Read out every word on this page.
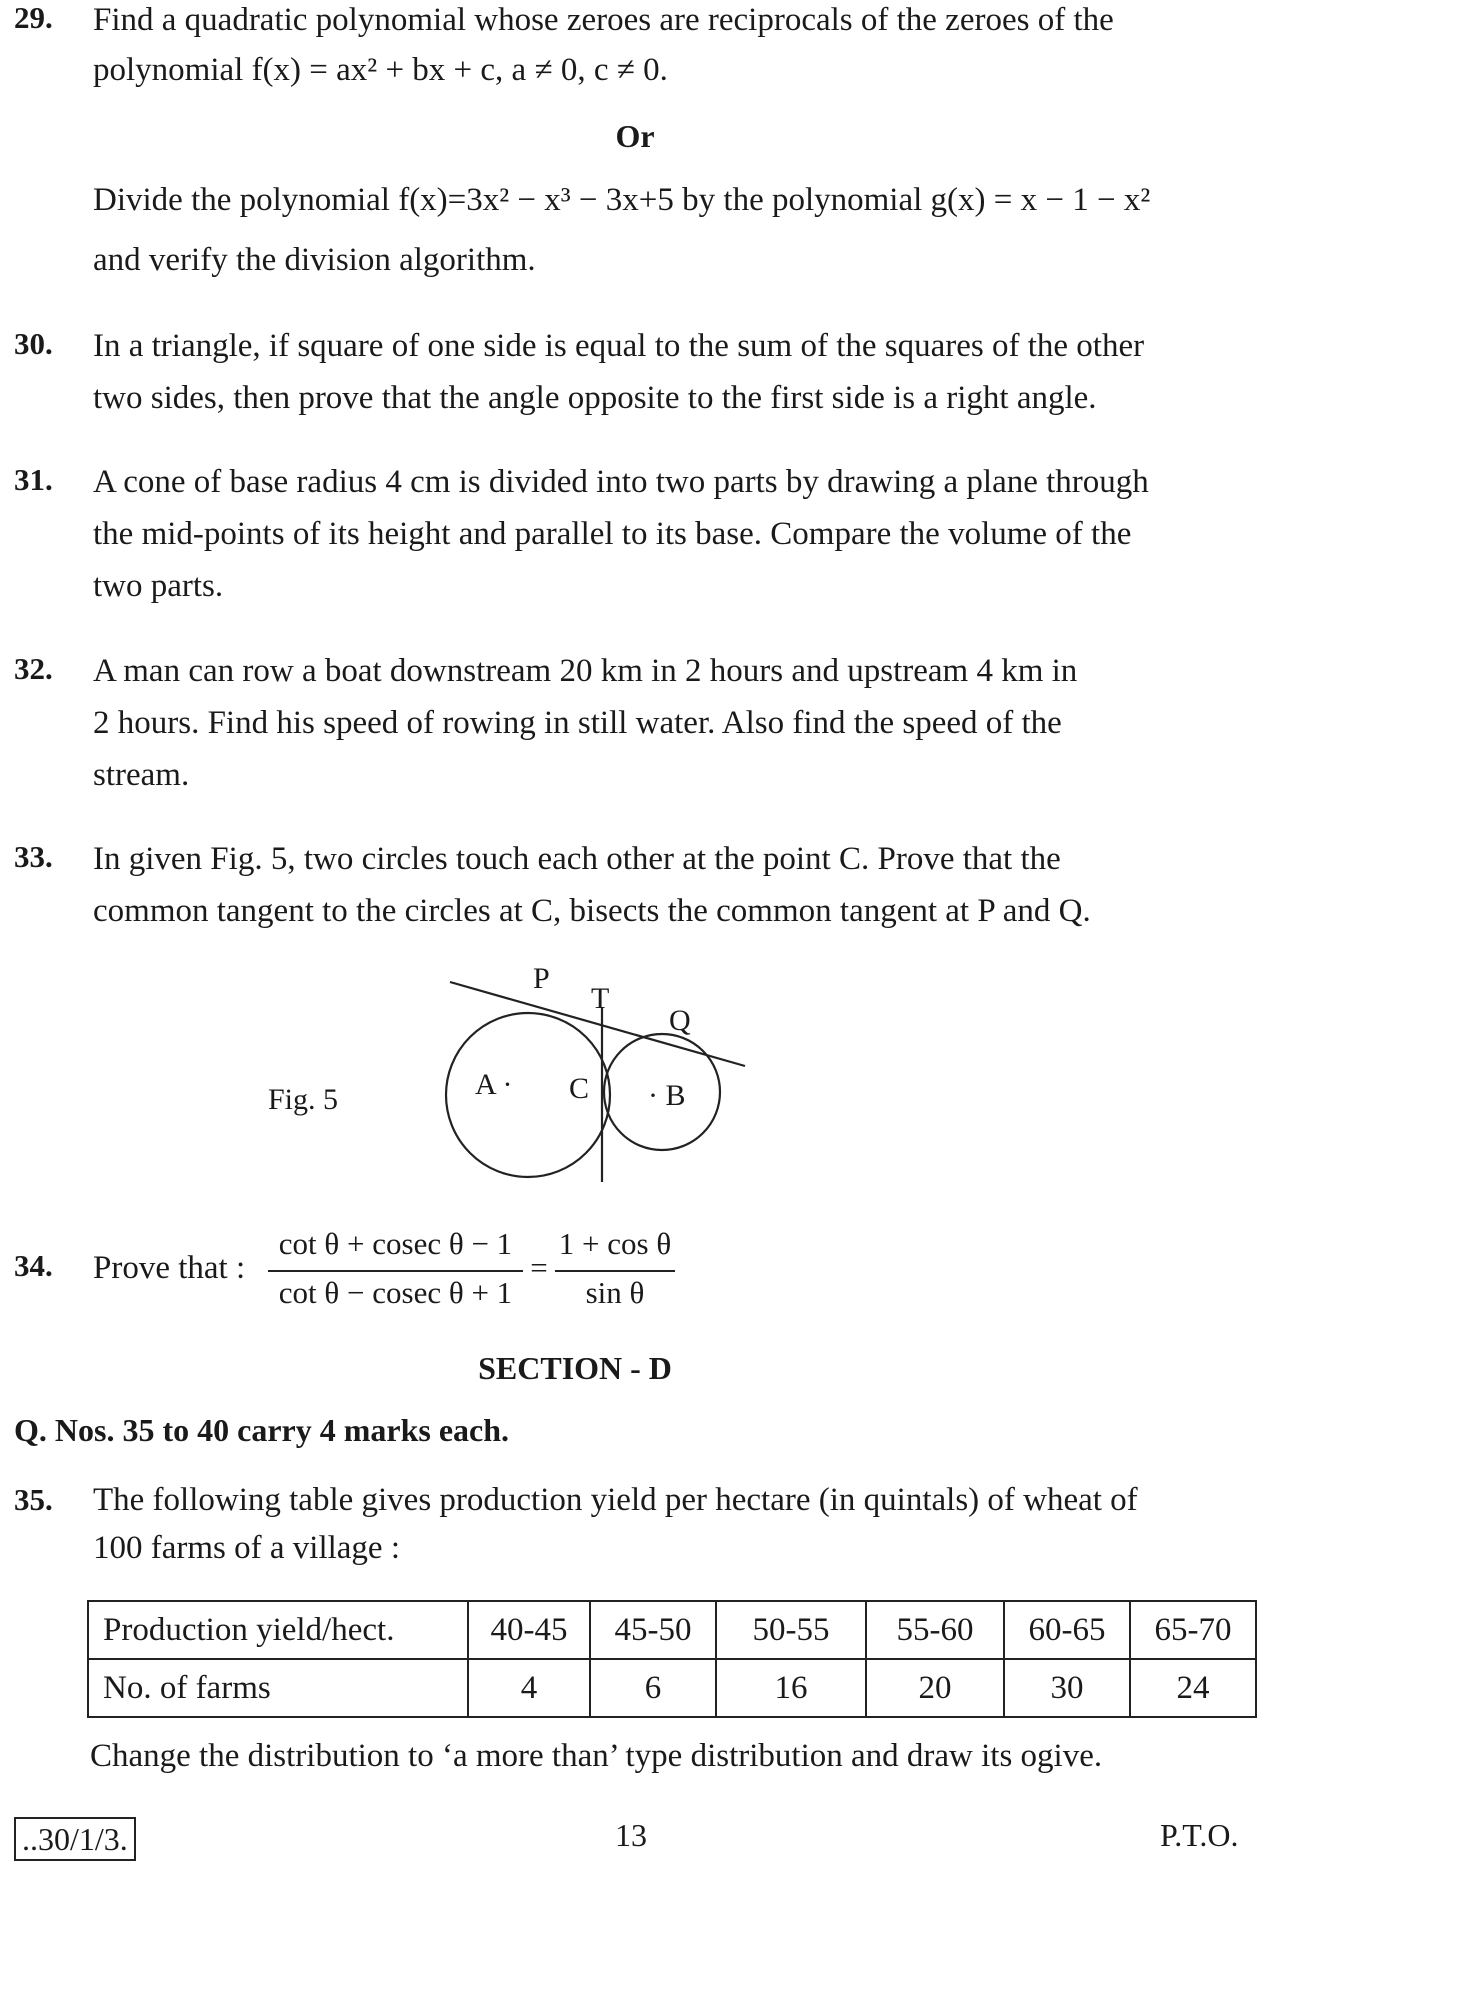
29. Find a quadratic polynomial whose zeroes are reciprocals of the zeroes of the
polynomial f(x) = ax² + bx + c, a ≠ 0, c ≠ 0.
Or
Divide the polynomial f(x)=3x² − x³ − 3x+5 by the polynomial g(x) = x − 1 − x²
and verify the division algorithm.
30. In a triangle, if square of one side is equal to the sum of the squares of the other
two sides, then prove that the angle opposite to the first side is a right angle.
31. A cone of base radius 4 cm is divided into two parts by drawing a plane through
the mid-points of its height and parallel to its base. Compare the volume of the
two parts.
32. A man can row a boat downstream 20 km in 2 hours and upstream 4 km in
2 hours. Find his speed of rowing in still water. Also find the speed of the
stream.
33. In given Fig. 5, two circles touch each other at the point C. Prove that the
common tangent to the circles at C, bisects the common tangent at P and Q.
Fig. 5
P
T
Q
A · C · B
34. Prove that :
cot θ + cosec θ − 1
cot θ − cosec θ + 1
=
1 + cos θ
sin θ
SECTION - D
Q. Nos. 35 to 40 carry 4 marks each.
35. The following table gives production yield per hectare (in quintals) of wheat of
100 farms of a village :
Production yield/hect.	40-45	45-50	50-55	55-60	60-65	65-70
No. of farms	4	6	16	20	30	24
Change the distribution to ‘a more than’ type distribution and draw its ogive.
..30/1/3.	13	P.T.O.
